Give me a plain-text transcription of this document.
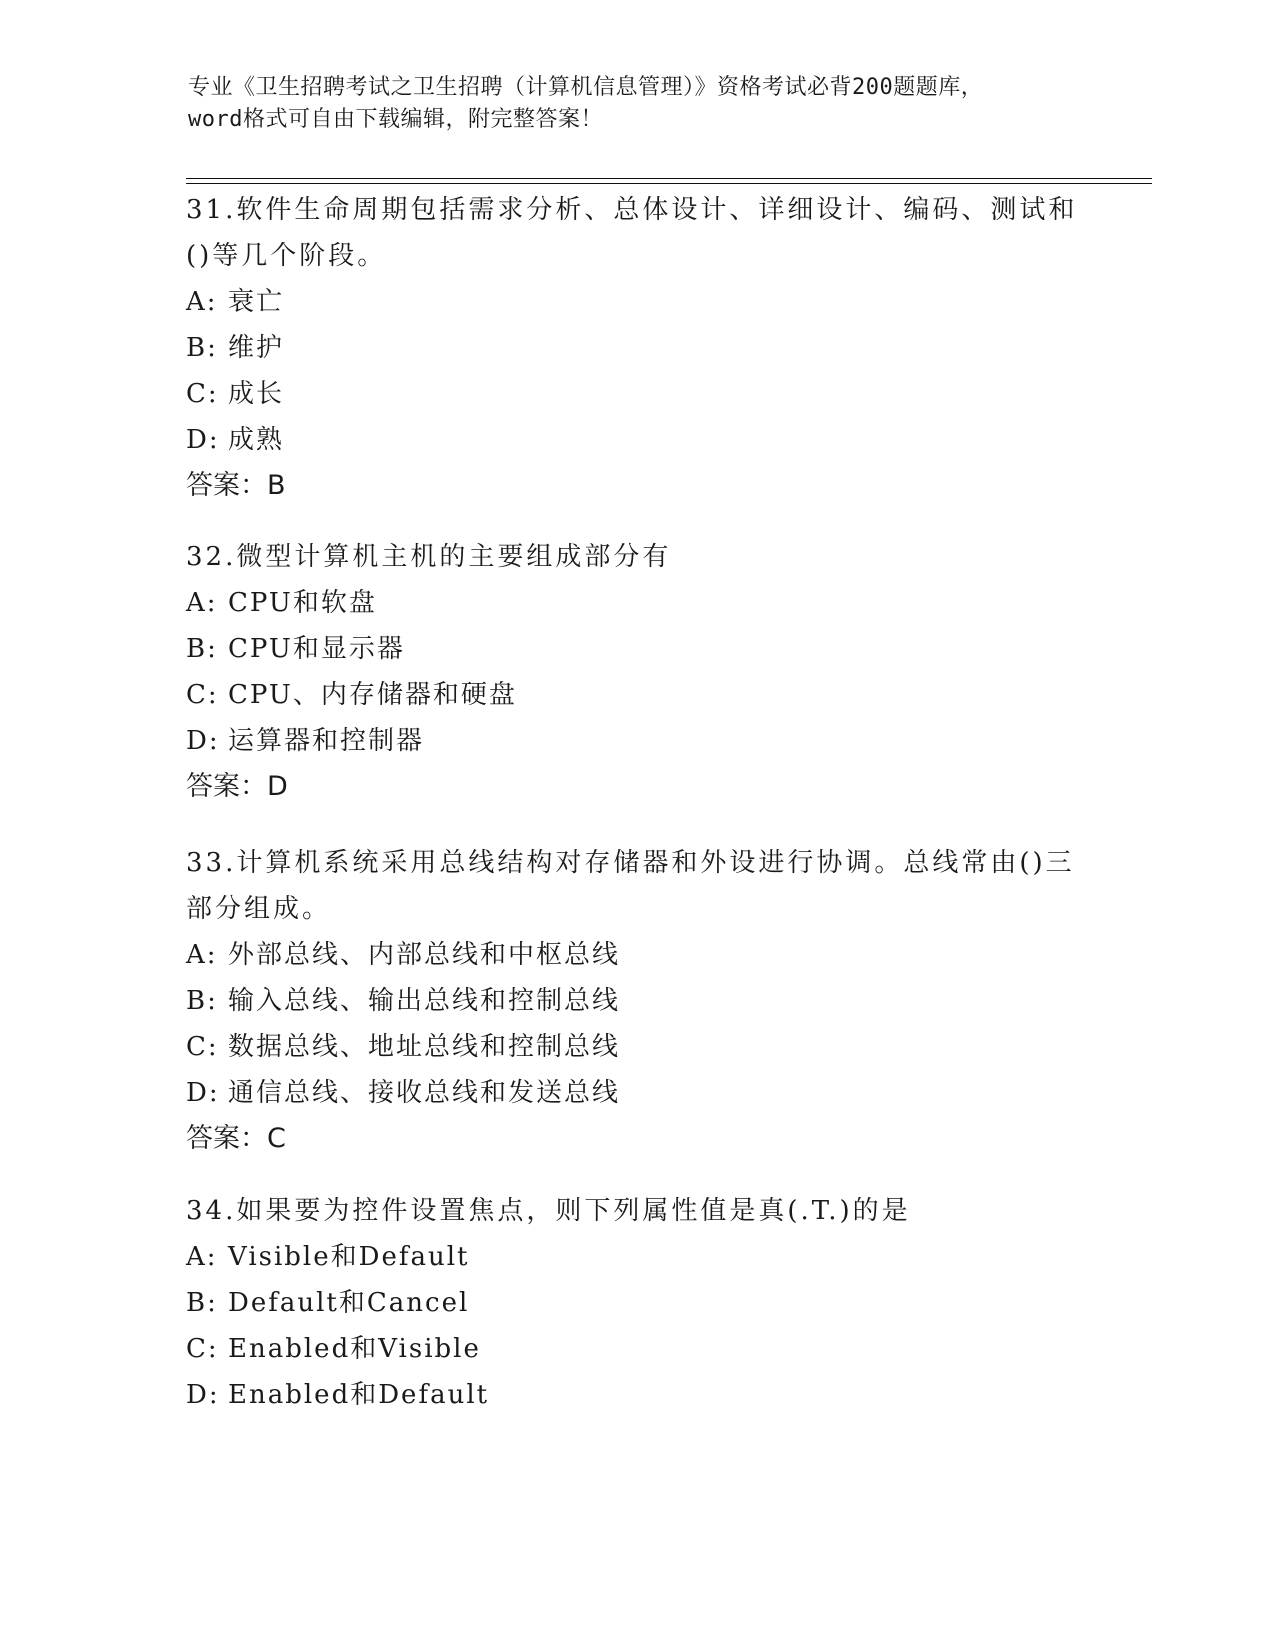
专业《卫生招聘考试之卫生招聘（计算机信息管理）》资格考试必背200题题库，
word格式可自由下载编辑，附完整答案！

31.软件生命周期包括需求分析、总体设计、详细设计、编码、测试和

()等几个阶段。

A: 衰亡
B: 维护
C: 成长
D: 成熟

答案：B

32.微型计算机主机的主要组成部分有

A: CPU和软盘
B: CPU和显示器
C: CPU、内存储器和硬盘
D: 运算器和控制器

答案：D

33.计算机系统采用总线结构对存储器和外设进行协调。总线常由()三

部分组成。

A: 外部总线、内部总线和中枢总线
B: 输入总线、输出总线和控制总线
C: 数据总线、地址总线和控制总线
D: 通信总线、接收总线和发送总线

答案：C

34.如果要为控件设置焦点，则下列属性值是真(.T.)的是

A: Visible和Default
B: Default和Cancel
C: Enabled和Visible
D: Enabled和Default
